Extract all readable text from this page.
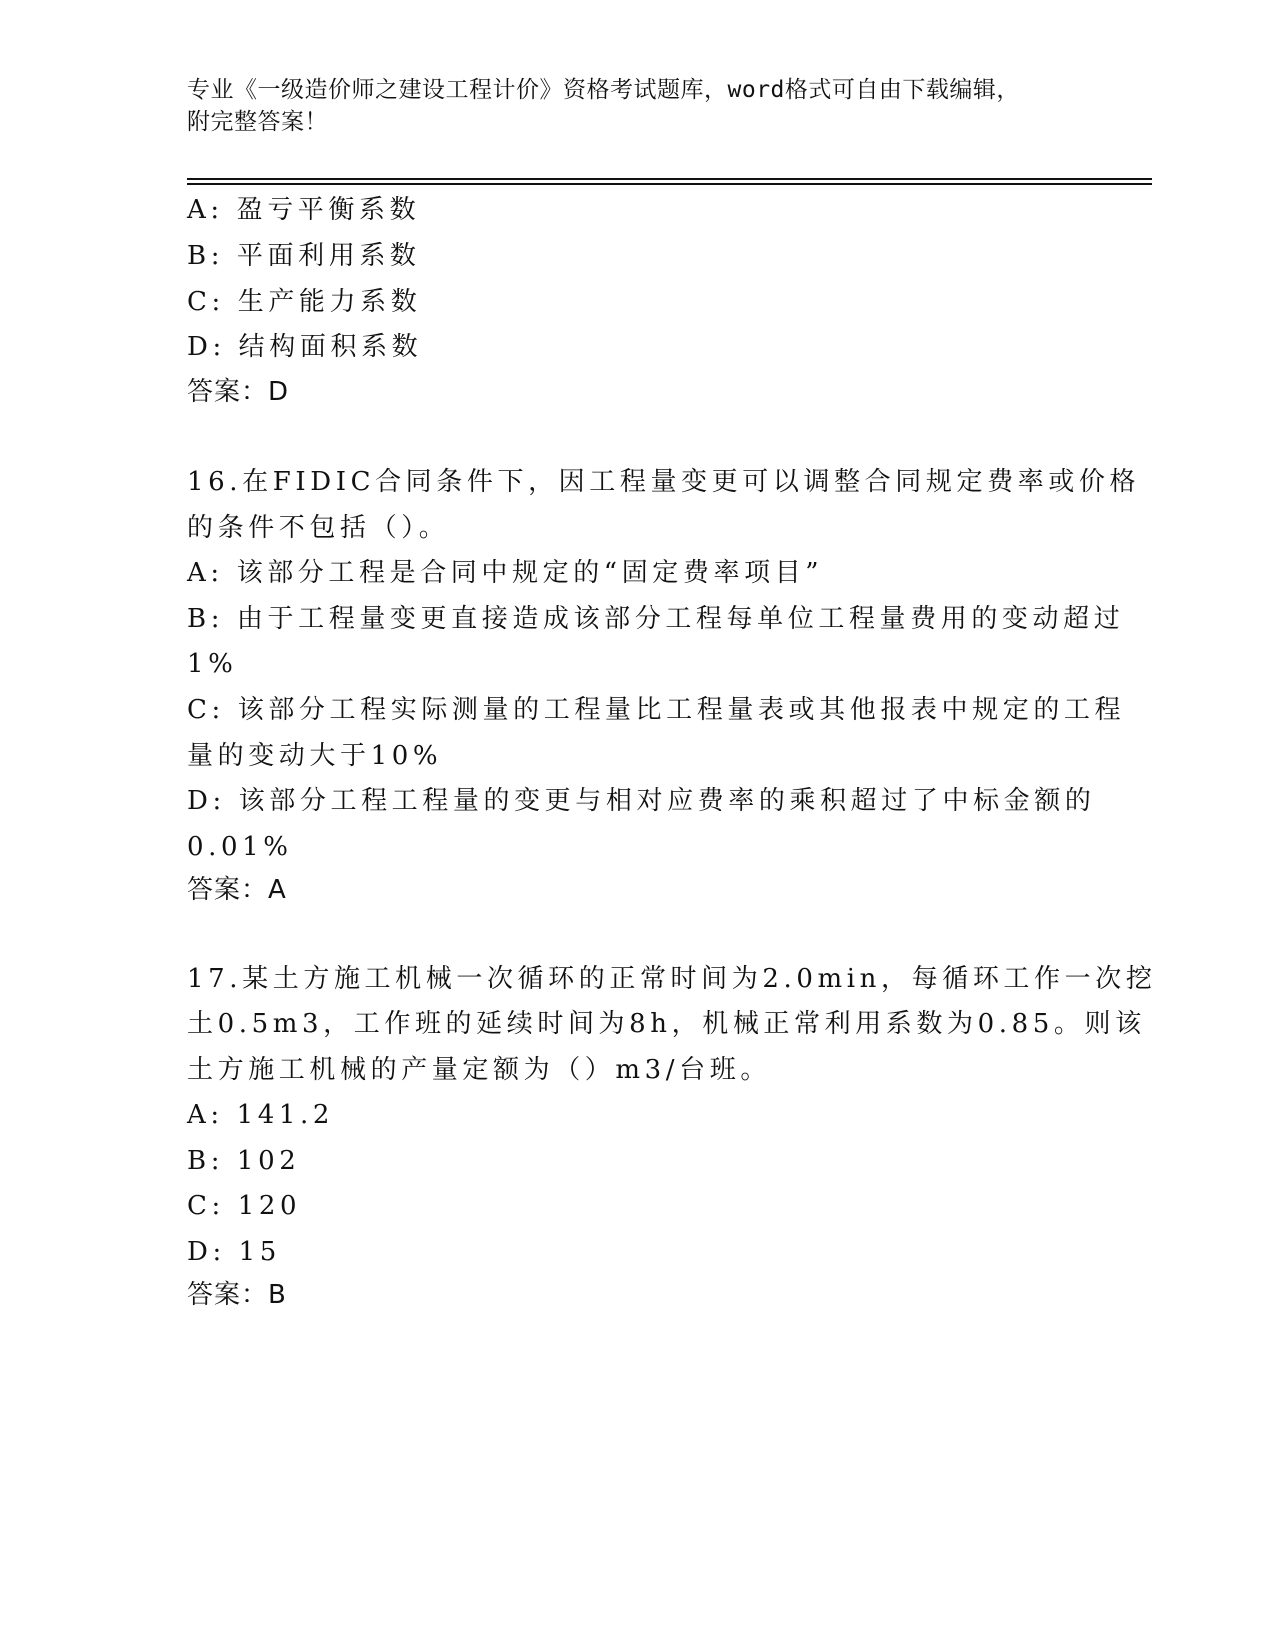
专业《一级造价师之建设工程计价》资格考试题库，word格式可自由下载编辑，
附完整答案！
A: 盈亏平衡系数
B: 平面利用系数
C: 生产能力系数
D: 结构面积系数
答案：D
16.在FIDIC合同条件下，因工程量变更可以调整合同规定费率或价格
的条件不包括（）。
A: 该部分工程是合同中规定的“固定费率项目”
B: 由于工程量变更直接造成该部分工程每单位工程量费用的变动超过
1%
C: 该部分工程实际测量的工程量比工程量表或其他报表中规定的工程
量的变动大于10%
D: 该部分工程工程量的变更与相对应费率的乘积超过了中标金额的
0.01%
答案：A
17.某土方施工机械一次循环的正常时间为2.0min，每循环工作一次挖
土0.5m3，工作班的延续时间为8h，机械正常利用系数为0.85。则该
土方施工机械的产量定额为（）m3/台班。
A: 141.2
B: 102
C: 120
D: 15
答案：B
